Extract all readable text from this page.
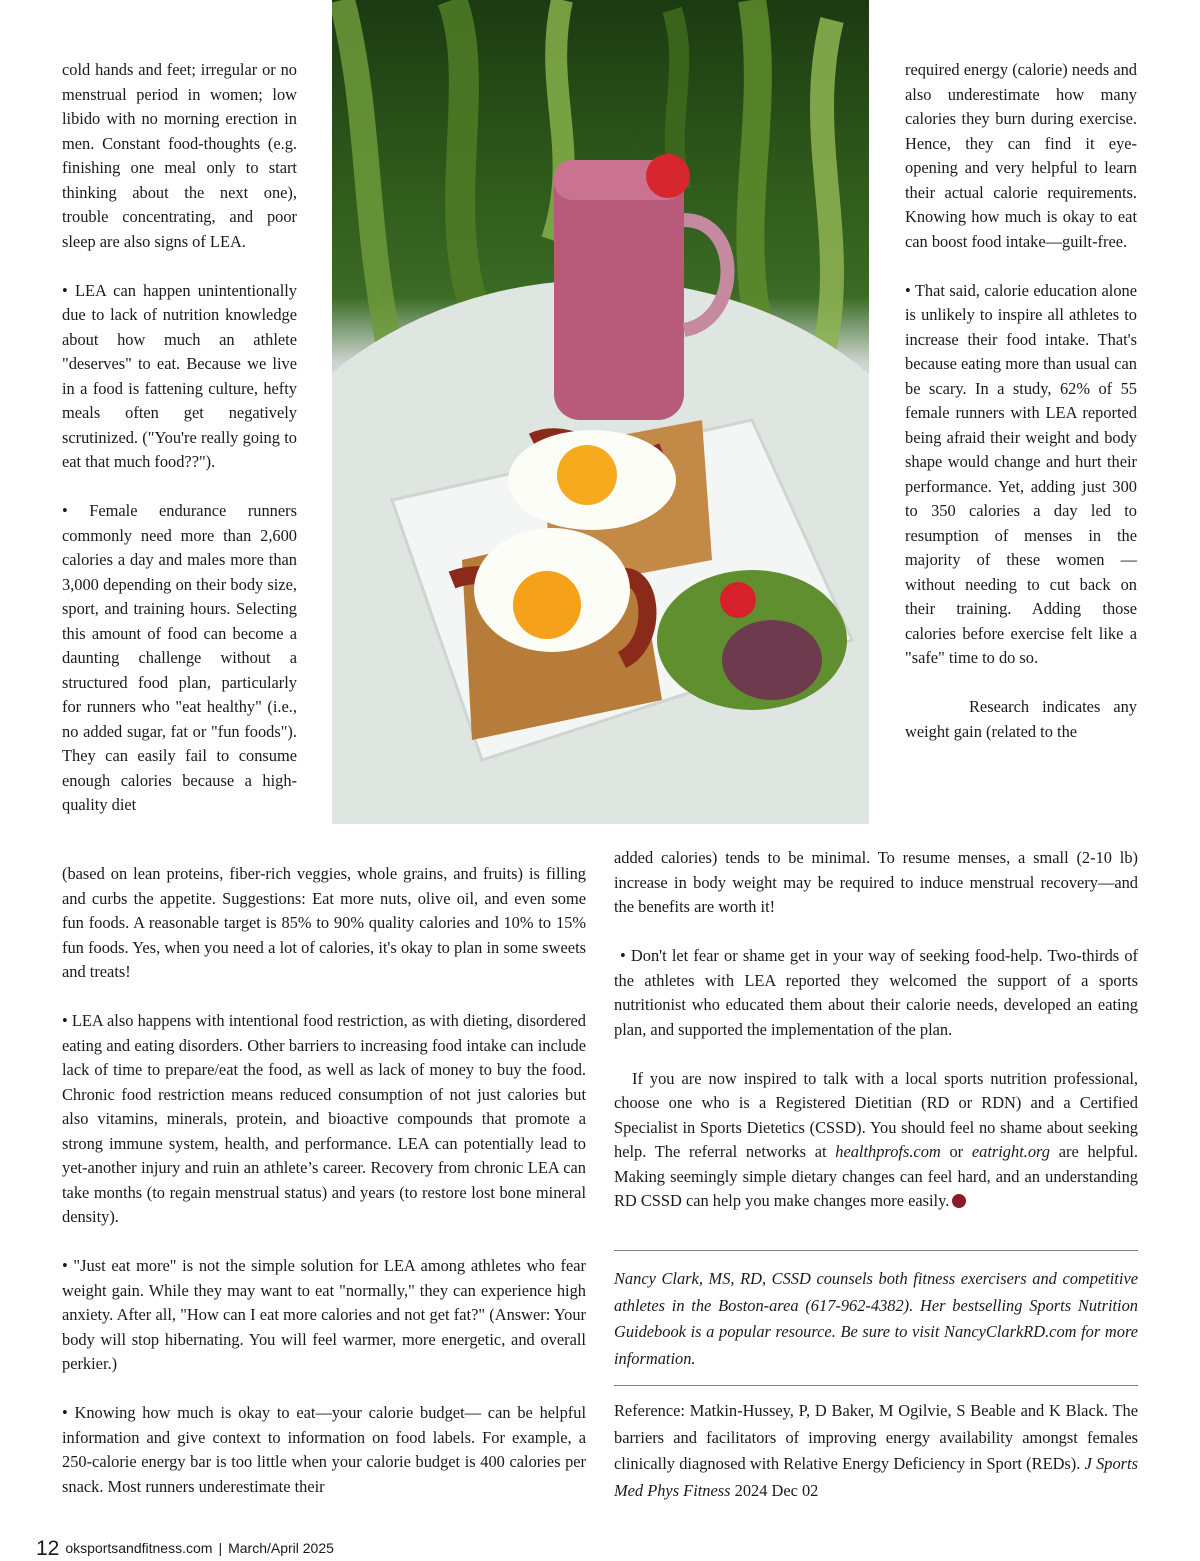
cold hands and feet; irregular or no menstrual period in women; low libido with no morning erection in men. Constant food-thoughts (e.g. finishing one meal only to start thinking about the next one), trouble concentrating, and poor sleep are also signs of LEA.

• LEA can happen unintentionally due to lack of nutrition knowledge about how much an athlete "deserves" to eat. Because we live in a food is fattening culture, hefty meals often get negatively scrutinized. ("You're really going to eat that much food??").

• Female endurance runners commonly need more than 2,600 calories a day and males more than 3,000 depending on their body size, sport, and training hours. Selecting this amount of food can become a daunting challenge without a structured food plan, particularly for runners who "eat healthy" (i.e., no added sugar, fat or "fun foods"). They can easily fail to consume enough calories because a high-quality diet

required energy (calorie) needs and also underestimate how many calories they burn during exercise. Hence, they can find it eye-opening and very helpful to learn their actual calorie requirements. Knowing how much is okay to eat can boost food intake—guilt-free.

• That said, calorie education alone is unlikely to inspire all athletes to increase their food intake. That's because eating more than usual can be scary. In a study, 62% of 55 female runners with LEA reported being afraid their weight and body shape would change and hurt their performance. Yet, adding just 300 to 350 calories a day led to resumption of menses in the majority of these women —without needing to cut back on their training. Adding those calories before exercise felt like a "safe" time to do so.

Research indicates any weight gain (related to the

(based on lean proteins, fiber-rich veggies, whole grains, and fruits) is filling and curbs the appetite. Suggestions: Eat more nuts, olive oil, and even some fun foods. A reasonable target is 85% to 90% quality calories and 10% to 15% fun foods. Yes, when you need a lot of calories, it's okay to plan in some sweets and treats!

• LEA also happens with intentional food restriction, as with dieting, disordered eating and eating disorders. Other barriers to increasing food intake can include lack of time to prepare/eat the food, as well as lack of money to buy the food. Chronic food restriction means reduced consumption of not just calories but also vitamins, minerals, protein, and bioactive compounds that promote a strong immune system, health, and performance. LEA can potentially lead to yet-another injury and ruin an athlete’s career. Recovery from chronic LEA can take months (to regain menstrual status) and years (to restore lost bone mineral density).

• "Just eat more" is not the simple solution for LEA among athletes who fear weight gain. While they may want to eat "normally," they can experience high anxiety. After all, "How can I eat more calories and not get fat?" (Answer: Your body will stop hibernating. You will feel warmer, more energetic, and overall perkier.)

• Knowing how much is okay to eat—your calorie budget— can be helpful information and give context to information on food labels. For example, a 250-calorie energy bar is too little when your calorie budget is 400 calories per snack. Most runners underestimate their

added calories) tends to be minimal. To resume menses, a small (2-10 lb) increase in body weight may be required to induce menstrual recovery—and the benefits are worth it!

• Don't let fear or shame get in your way of seeking food-help. Two-thirds of the athletes with LEA reported they welcomed the support of a sports nutritionist who educated them about their calorie needs, developed an eating plan, and supported the implementation of the plan.

If you are now inspired to talk with a local sports nutrition professional, choose one who is a Registered Dietitian (RD or RDN) and a Certified Specialist in Sports Dietetics (CSSD). You should feel no shame about seeking help. The referral networks at healthprofs.com or eatright.org are helpful. Making seemingly simple dietary changes can feel hard, and an understanding RD CSSD can help you make changes more easily.

Nancy Clark, MS, RD, CSSD counsels both fitness exercisers and competitive athletes in the Boston-area (617-962-4382). Her bestselling Sports Nutrition Guidebook is a popular resource. Be sure to visit NancyClarkRD.com for more information.

Reference: Matkin-Hussey, P, D Baker, M Ogilvie, S Beable and K Black. The barriers and facilitators of improving energy availability amongst females clinically diagnosed with Relative Energy Deficiency in Sport (REDs). J Sports Med Phys Fitness 2024 Dec 02

12 oksportsandfitness.com | March/April 2025
